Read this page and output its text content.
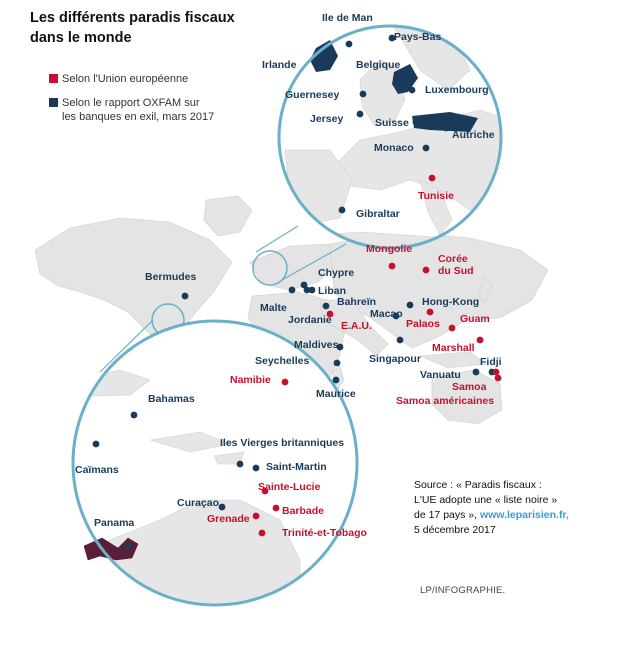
Les différents paradis fiscaux
dans le monde
Selon l'Union européenne
Selon le rapport OXFAM sur
les banques en exil, mars 2017
Ile de Man
Pays-Bas
Irlande	Belgique
Luxembourg
Guernesey
Jersey	Suisse
Autriche
Monaco
Tunisie
Gibraltar
Mongolie
Corée
du Sud
Bermudes	Chypre
Liban
Bahreïn
Malte
Jordanie E.A.U.
Macao
Hong-Kong
Palaos Guam
Marshall
Maldives
Singapour	Fidji
Seychelles
Vanuatu
Namibie
Samoa
Maurice
Samoa américaines
Bahamas
Iles Vierges britanniques
Caïmans	Saint-Martin
Sainte-Lucie
Curaçao
Barbade
Grenade
Panama
Trinité-et-Tobago
Source : « Paradis fiscaux :
L'UE adopte une « liste noire »
de 17 pays », www.leparisien.fr,
5 décembre 2017
LP/INFOGRAPHIE.
